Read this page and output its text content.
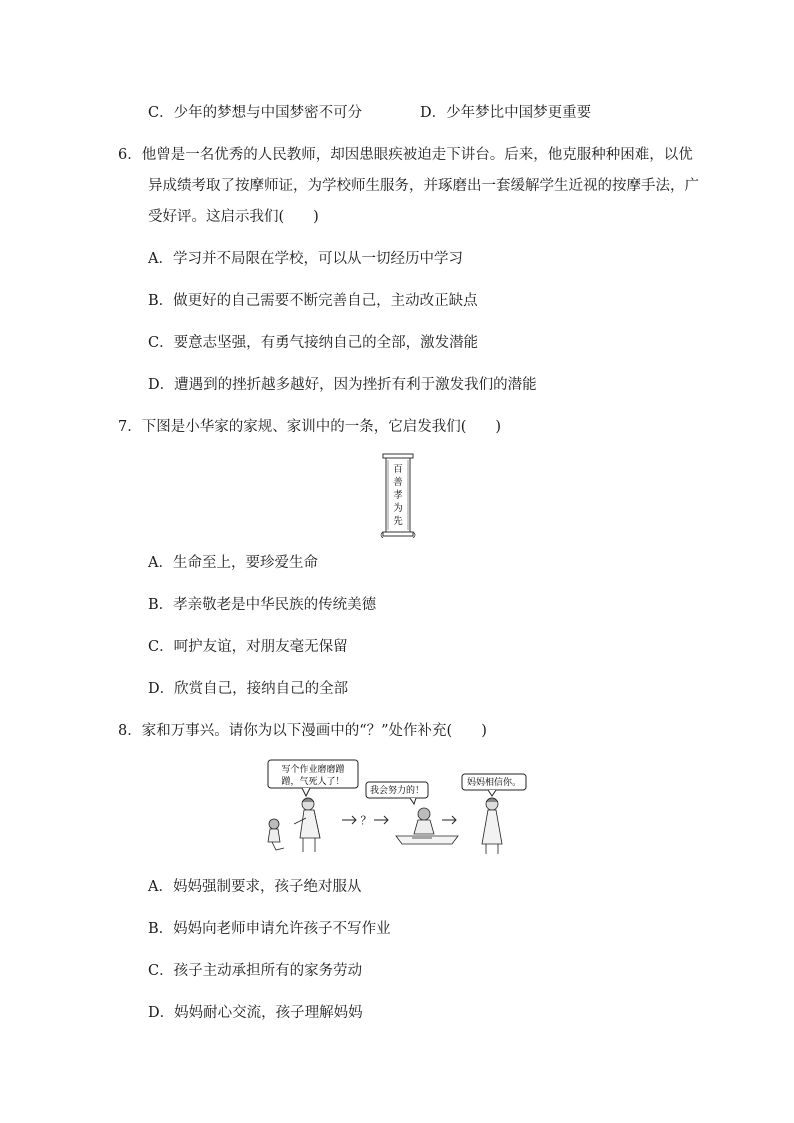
C．少年的梦想与中国梦密不可分	D．少年梦比中国梦更重要
6．他曾是一名优秀的人民教师，却因患眼疾被迫走下讲台。后来，他克服种种困难，以优
异成绩考取了按摩师证，为学校师生服务，并琢磨出一套缓解学生近视的按摩手法，广
受好评。这启示我们(　　)
A．学习并不局限在学校，可以从一切经历中学习
B．做更好的自己需要不断完善自己，主动改正缺点
C．要意志坚强，有勇气接纳自己的全部，激发潜能
D．遭遇到的挫折越多越好，因为挫折有利于激发我们的潜能
7．下图是小华家的家规、家训中的一条，它启发我们(　　)
百
善
孝
为
先
A．生命至上，要珍爱生命
B．孝亲敬老是中华民族的传统美德
C．呵护友谊，对朋友毫无保留
D．欣赏自己，接纳自己的全部
8．家和万事兴。请你为以下漫画中的“？”处作补充(　　)
写个作业磨磨蹭
蹭，气死人了！
？
我会努力的！
妈妈相信你。
A．妈妈强制要求，孩子绝对服从
B．妈妈向老师申请允许孩子不写作业
C．孩子主动承担所有的家务劳动
D．妈妈耐心交流，孩子理解妈妈
